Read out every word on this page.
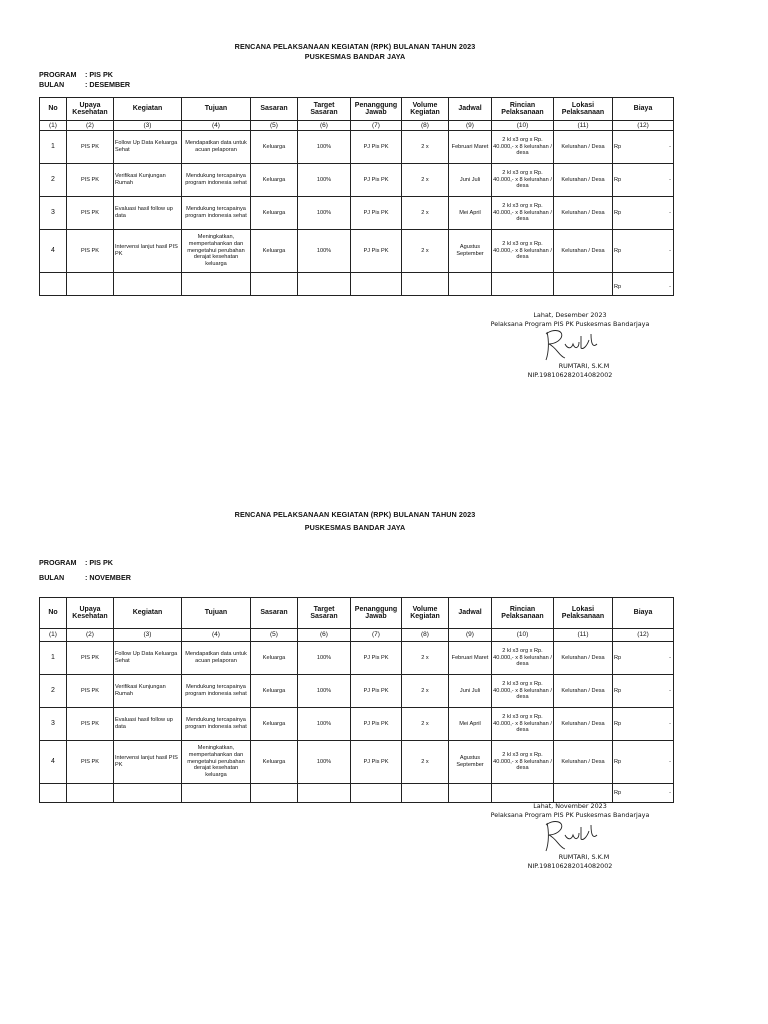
RENCANA PELAKSANAAN KEGIATAN (RPK) BULANAN TAHUN 2023
PUSKESMAS BANDAR JAYA
PROGRAM : PIS PK
BULAN	: DESEMBER
No	Upaya Kesehatan	Kegiatan	Tujuan	Sasaran	Target Sasaran	Penanggung Jawab	Volume Kegiatan	Jadwal	Rincian Pelaksanaan	Lokasi Pelaksanaan	Biaya
(1)	(2)	(3)	(4)	(5)	(6)	(7)	(8)	(9)	(10)	(11)	(12)
1	PIS PK	Follow Up Data Keluarga Sehat	Mendapatkan data untuk acuan pelaporan	Keluarga	100%	PJ Pis PK	2 x	Februari Maret	2 kl x3 org x Rp. 40.000,- x 8 kelurahan / desa	Kelurahan / Desa	Rp -

2	PIS PK	Verifikasi Kunjungan Rumah	Mendukung tercapainya program indonesia sehat	Keluarga	100%	PJ Pis PK	2 x	Juni Juli	2 kl x3 org x Rp. 40.000,- x 8 kelurahan / desa	Kelurahan / Desa	Rp -

3	PIS PK	Evaluasi hasil follow up data	Mendukung tercapainya program indonesia sehat	Keluarga	100%	PJ Pis PK	2 x	Mei April	2 kl x3 org x Rp. 40.000,- x 8 kelurahan / desa	Kelurahan / Desa	Rp -

4	PIS PK	Intervensi lanjut hasil PIS PK	Meningkatkan, mempertahankan dan mengetahui perubahan derajat kesehatan keluarga	Keluarga	100%	PJ Pis PK	2 x	Agustus September	2 kl x3 org x Rp. 40.000,- x 8 kelurahan / desa	Kelurahan / Desa	Rp -

											Rp -
Lahat, Desember 2023
Pelaksana Program PIS PK Puskesmas Bandarjaya
RUMTARI, S.K.M
NIP.198106282014082002
RENCANA PELAKSANAAN KEGIATAN (RPK) BULANAN TAHUN 2023
PUSKESMAS BANDAR JAYA
PROGRAM : PIS PK
BULAN	: NOVEMBER
No	Upaya Kesehatan	Kegiatan	Tujuan	Sasaran	Target Sasaran	Penanggung Jawab	Volume Kegiatan	Jadwal	Rincian Pelaksanaan	Lokasi Pelaksanaan	Biaya
(1)	(2)	(3)	(4)	(5)	(6)	(7)	(8)	(9)	(10)	(11)	(12)
1	PIS PK	Follow Up Data Keluarga Sehat	Mendapatkan data untuk acuan pelaporan	Keluarga	100%	PJ Pis PK	2 x	Februari Maret	2 kl x3 org x Rp. 40.000,- x 8 kelurahan / desa	Kelurahan / Desa	Rp -

2	PIS PK	Verifikasi Kunjungan Rumah	Mendukung tercapainya program indonesia sehat	Keluarga	100%	PJ Pis PK	2 x	Juni Juli	2 kl x3 org x Rp. 40.000,- x 8 kelurahan / desa	Kelurahan / Desa	Rp -

3	PIS PK	Evaluasi hasil follow up data	Mendukung tercapainya program indonesia sehat	Keluarga	100%	PJ Pis PK	2 x	Mei April	2 kl x3 org x Rp. 40.000,- x 8 kelurahan / desa	Kelurahan / Desa	Rp -

4	PIS PK	Intervensi lanjut hasil PIS PK	Meningkatkan, mempertahankan dan mengetahui perubahan derajat kesehatan keluarga	Keluarga	100%	PJ Pis PK	2 x	Agustus September	2 kl x3 org x Rp. 40.000,- x 8 kelurahan / desa	Kelurahan / Desa	Rp -

											Rp -
Lahat, November 2023
Pelaksana Program PIS PK Puskesmas Bandarjaya
RUMTARI, S.K.M
NIP.198106282014082002
